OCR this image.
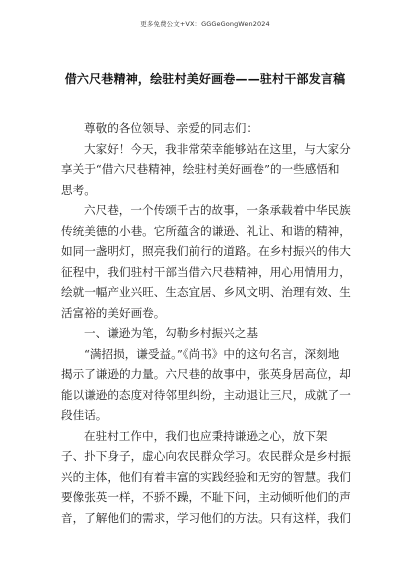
更多免费公文+VX：GGGeGongWen2024
借六尺巷精神，绘驻村美好画卷——驻村干部发言稿
尊敬的各位领导、亲爱的同志们：
大家好！今天，我非常荣幸能够站在这里，与大家分
享关于“借六尺巷精神，绘驻村美好画卷”的一些感悟和
思考。
六尺巷，一个传颂千古的故事，一条承载着中华民族
传统美德的小巷。它所蕴含的谦逊、礼让、和谐的精神，
如同一盏明灯，照亮我们前行的道路。在乡村振兴的伟大
征程中，我们驻村干部当借六尺巷精神，用心用情用力，
绘就一幅产业兴旺、生态宜居、乡风文明、治理有效、生
活富裕的美好画卷。
一、谦逊为笔，勾勒乡村振兴之基
“满招损，谦受益。”《尚书》中的这句名言，深刻地
揭示了谦逊的力量。六尺巷的故事中，张英身居高位，却
能以谦逊的态度对待邻里纠纷，主动退让三尺，成就了一
段佳话。
在驻村工作中，我们也应秉持谦逊之心，放下架
子、扑下身子，虚心向农民群众学习。农民群众是乡村振
兴的主体，他们有着丰富的实践经验和无穷的智慧。我们
要像张英一样，不骄不躁，不耻下问，主动倾听他们的声
音，了解他们的需求，学习他们的方法。只有这样，我们
